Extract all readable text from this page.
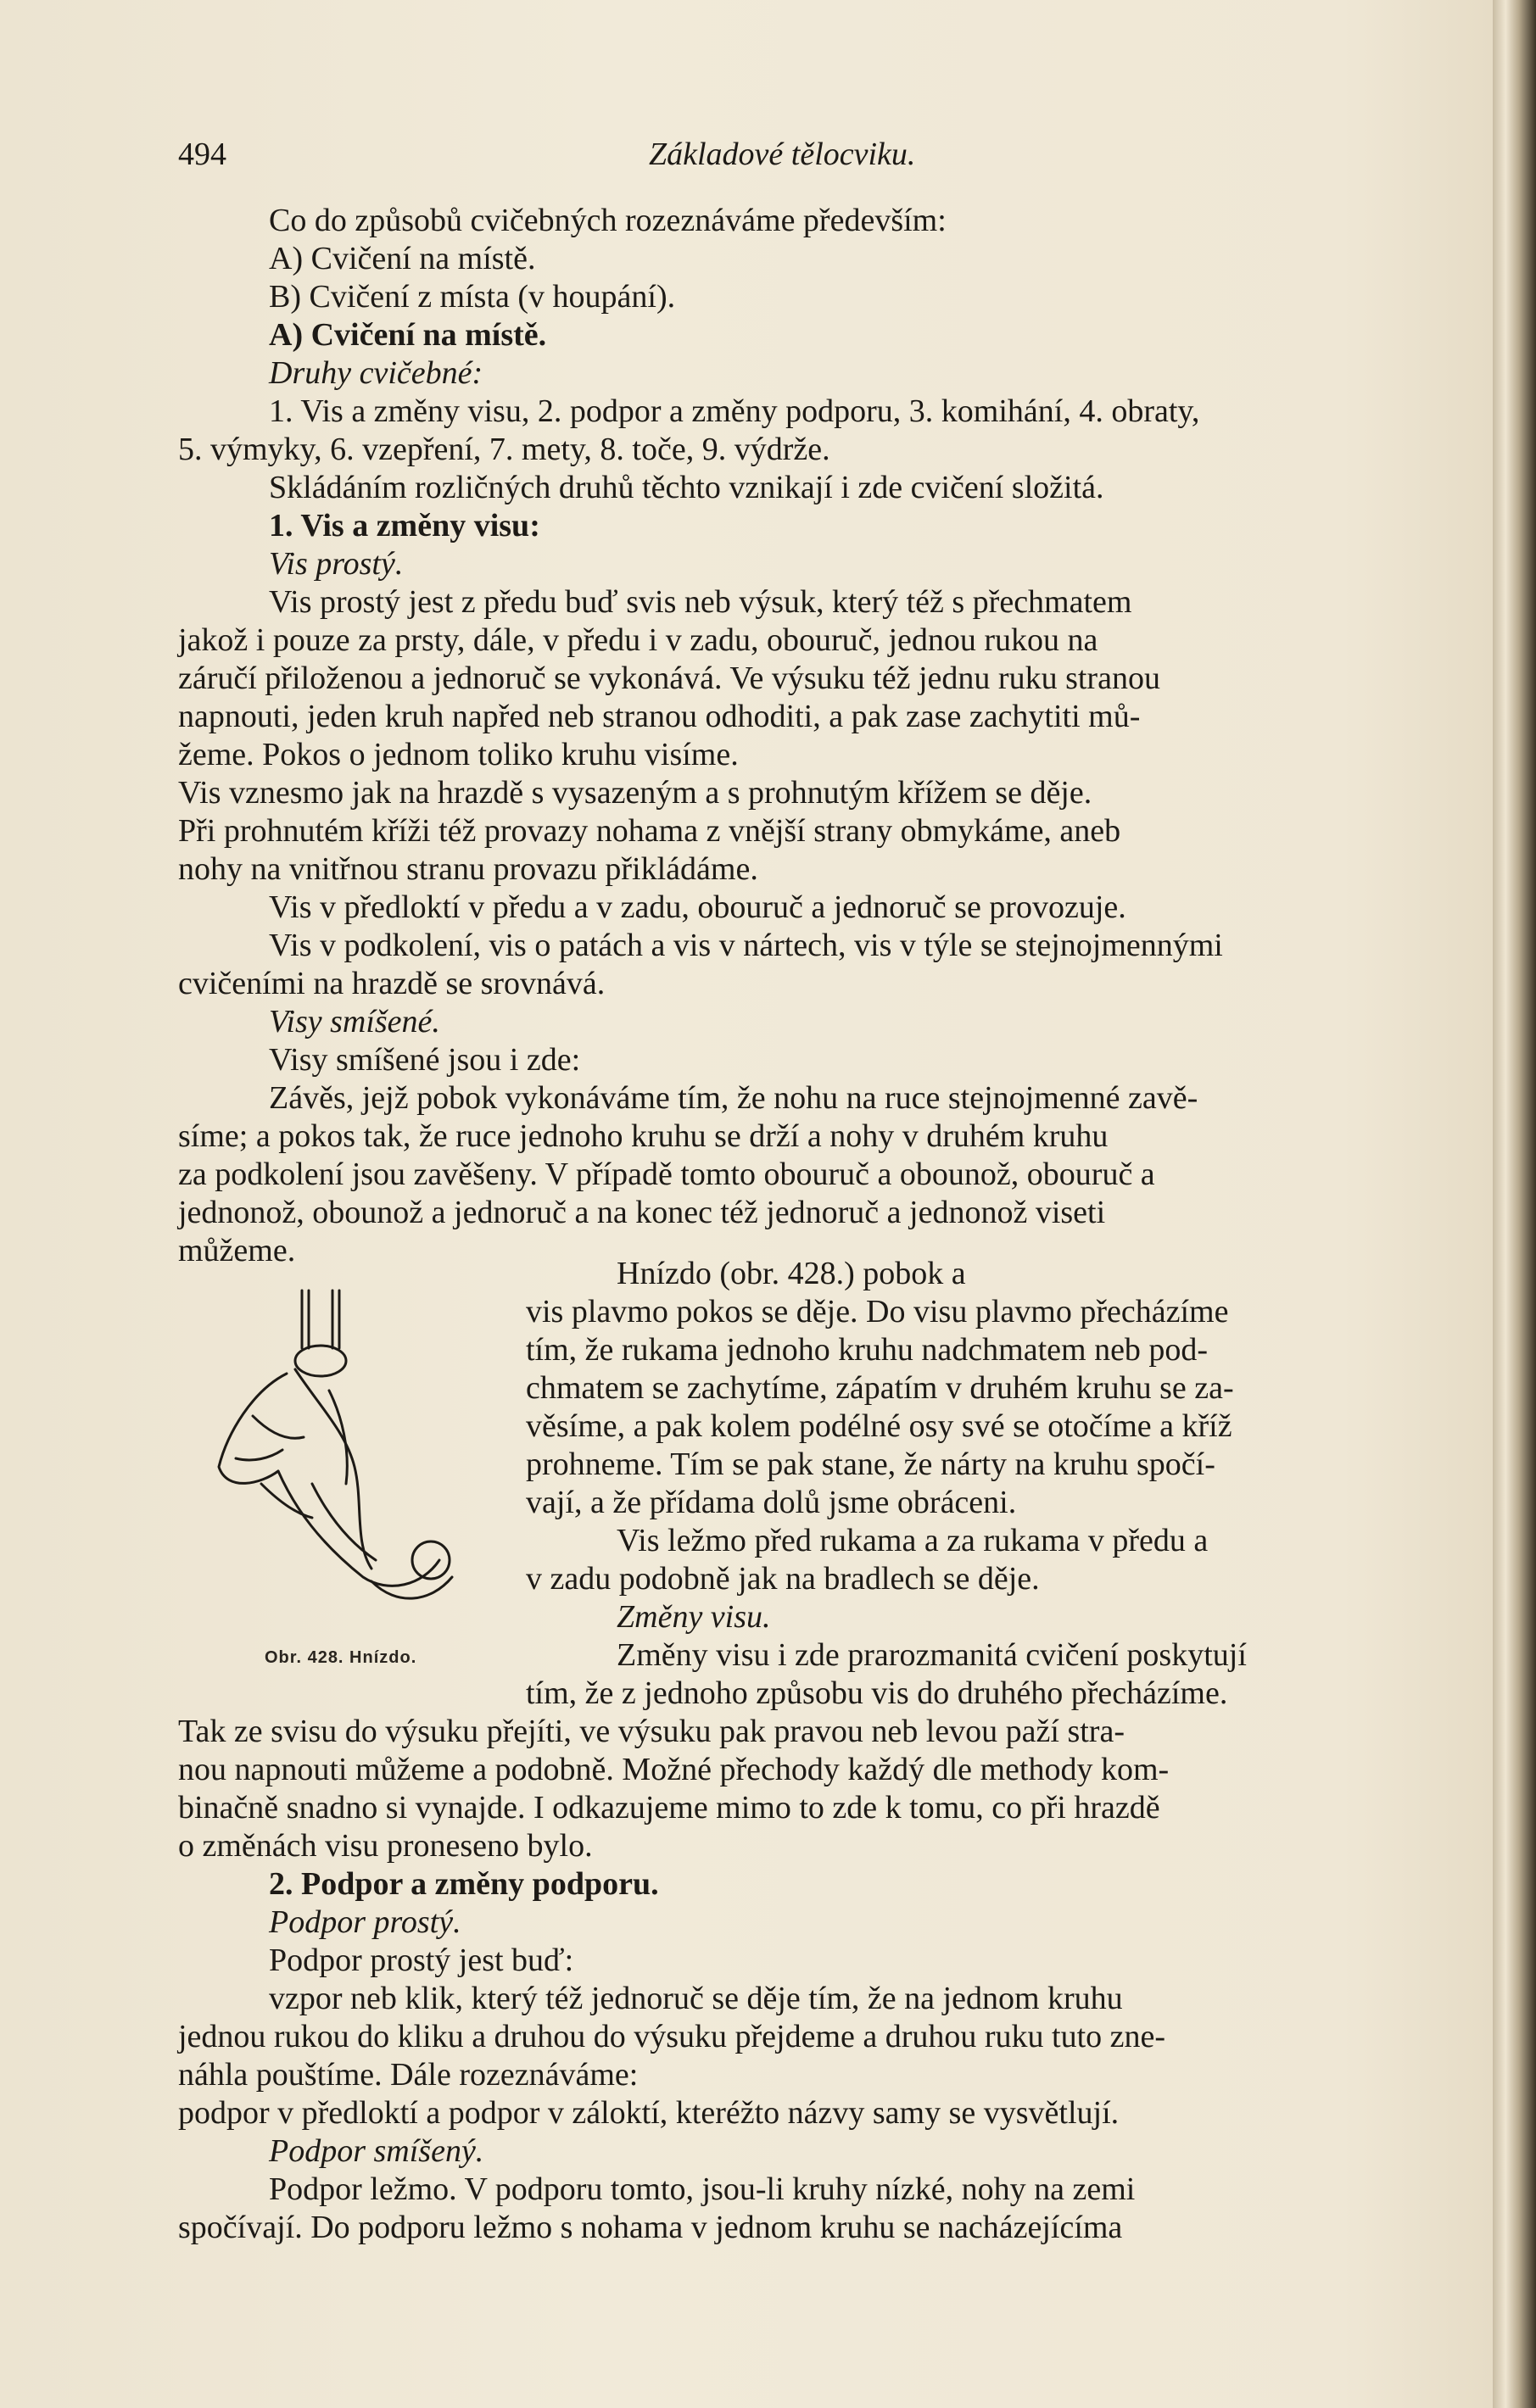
494	Základové tělocviku.

Co do způsobů cvičebných rozeznáváme především:

A) Cvičení na místě.

B) Cvičení z místa (v houpání).

A) Cvičení na místě.

Druhy cvičebné:

1. Vis a změny visu, 2. podpor a změny podporu, 3. komihání, 4. obraty,

5. výmyky, 6. vzepření, 7. mety, 8. toče, 9. výdrže.

Skládáním rozličných druhů těchto vznikají i zde cvičení složitá.

1. Vis a změny visu:

Vis prostý.

Vis prostý jest z předu buď svis neb výsuk, který též s přechmatem

jakož i pouze za prsty, dále, v předu i v zadu, obouruč, jednou rukou na

záručí přiloženou a jednoruč se vykonává. Ve výsuku též jednu ruku stranou

napnouti, jeden kruh napřed neb stranou odhoditi, a pak zase zachytiti mů-

žeme. Pokos o jednom toliko kruhu visíme.

Vis vznesmo jak na hrazdě s vysazeným a s prohnutým křížem se děje.

Při prohnutém kříži též provazy nohama z vnější strany obmykáme, aneb

nohy na vnitřnou stranu provazu přikládáme.

Vis v předloktí v předu a v zadu, obouruč a jednoruč se provozuje.

Vis v podkolení, vis o patách a vis v nártech, vis v týle se stejnojmennými

cvičeními na hrazdě se srovnává.

Visy smíšené.

Visy smíšené jsou i zde:

Závěs, jejž pobok vykonáváme tím, že nohu na ruce stejnojmenné zavě-

síme; a pokos tak, že ruce jednoho kruhu se drží a nohy v druhém kruhu

za podkolení jsou zavěšeny. V případě tomto obouruč a obounož, obouruč a

jednonož, obounož a jednoruč a na konec též jednoruč a jednonož viseti

můžeme.

Obr. 428. Hnízdo.

Hnízdo (obr. 428.) pobok a

vis plavmo pokos se děje. Do visu plavmo přecházíme

tím, že rukama jednoho kruhu nadchmatem neb pod-

chmatem se zachytíme, zápatím v druhém kruhu se za-

věsíme, a pak kolem podélné osy své se otočíme a kříž

prohneme. Tím se pak stane, že nárty na kruhu spočí-

vají, a že přídama dolů jsme obráceni.

Vis ležmo před rukama a za rukama v předu a

v zadu podobně jak na bradlech se děje.

Změny visu.

Změny visu i zde prarozmanitá cvičení poskytují

tím, že z jednoho způsobu vis do druhého přecházíme.

Tak ze svisu do výsuku přejíti, ve výsuku pak pravou neb levou paží stra-

nou napnouti můžeme a podobně. Možné přechody každý dle methody kom-

binačně snadno si vynajde. I odkazujeme mimo to zde k tomu, co při hrazdě

o změnách visu proneseno bylo.

2. Podpor a změny podporu.

Podpor prostý.

Podpor prostý jest buď:

vzpor neb klik, který též jednoruč se děje tím, že na jednom kruhu

jednou rukou do kliku a druhou do výsuku přejdeme a druhou ruku tuto zne-

náhla pouštíme. Dále rozeznáváme:

podpor v předloktí a podpor v záloktí, kteréžto názvy samy se vysvětlují.

Podpor smíšený.

Podpor ležmo. V podporu tomto, jsou-li kruhy nízké, nohy na zemi

spočívají. Do podporu ležmo s nohama v jednom kruhu se nacházejícíma
